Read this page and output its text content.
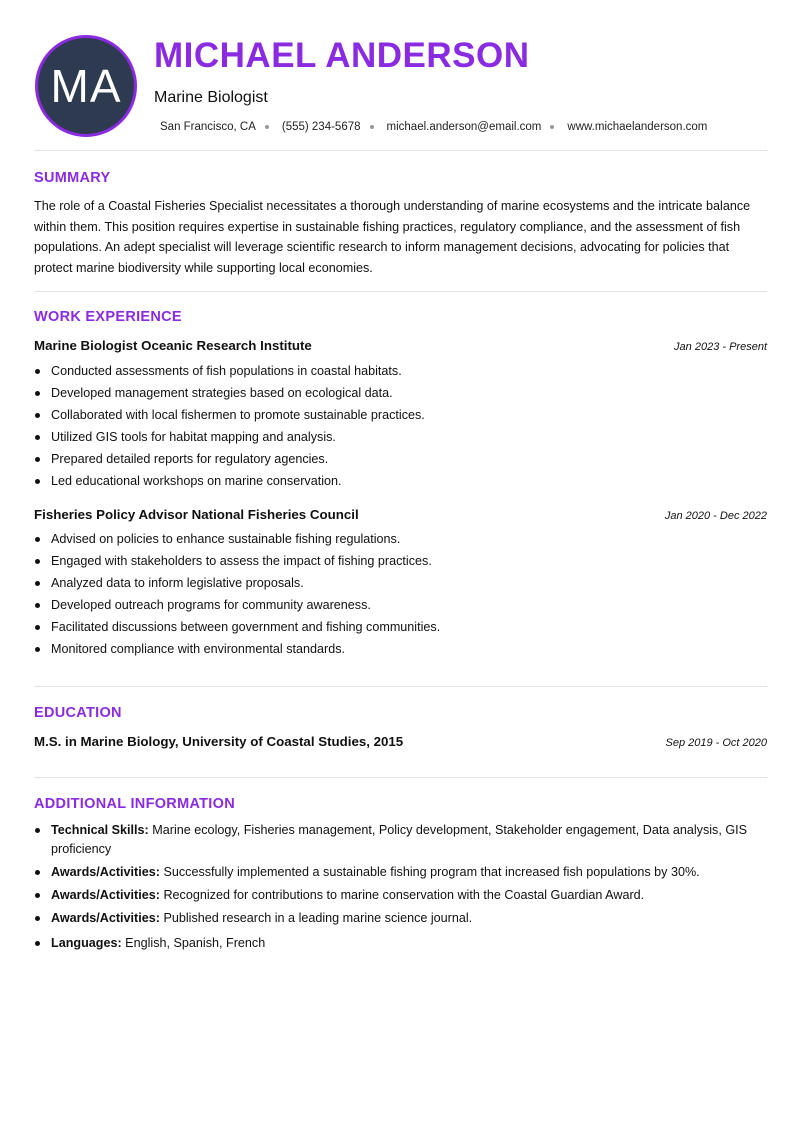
MA
MICHAEL ANDERSON
Marine Biologist
San Francisco, CA (555) 234-5678 michael.anderson@email.com www.michaelanderson.com
SUMMARY
The role of a Coastal Fisheries Specialist necessitates a thorough understanding of marine ecosystems and the intricate balance within them. This position requires expertise in sustainable fishing practices, regulatory compliance, and the assessment of fish populations. An adept specialist will leverage scientific research to inform management decisions, advocating for policies that protect marine biodiversity while supporting local economies.
WORK EXPERIENCE
Marine Biologist Oceanic Research Institute	Jan 2023 - Present
Conducted assessments of fish populations in coastal habitats.
Developed management strategies based on ecological data.
Collaborated with local fishermen to promote sustainable practices.
Utilized GIS tools for habitat mapping and analysis.
Prepared detailed reports for regulatory agencies.
Led educational workshops on marine conservation.
Fisheries Policy Advisor National Fisheries Council	Jan 2020 - Dec 2022
Advised on policies to enhance sustainable fishing regulations.
Engaged with stakeholders to assess the impact of fishing practices.
Analyzed data to inform legislative proposals.
Developed outreach programs for community awareness.
Facilitated discussions between government and fishing communities.
Monitored compliance with environmental standards.
EDUCATION
M.S. in Marine Biology, University of Coastal Studies, 2015	Sep 2019 - Oct 2020
ADDITIONAL INFORMATION
Technical Skills: Marine ecology, Fisheries management, Policy development, Stakeholder engagement, Data analysis, GIS proficiency
Awards/Activities: Successfully implemented a sustainable fishing program that increased fish populations by 30%.
Awards/Activities: Recognized for contributions to marine conservation with the Coastal Guardian Award.
Awards/Activities: Published research in a leading marine science journal.
Languages: English, Spanish, French
